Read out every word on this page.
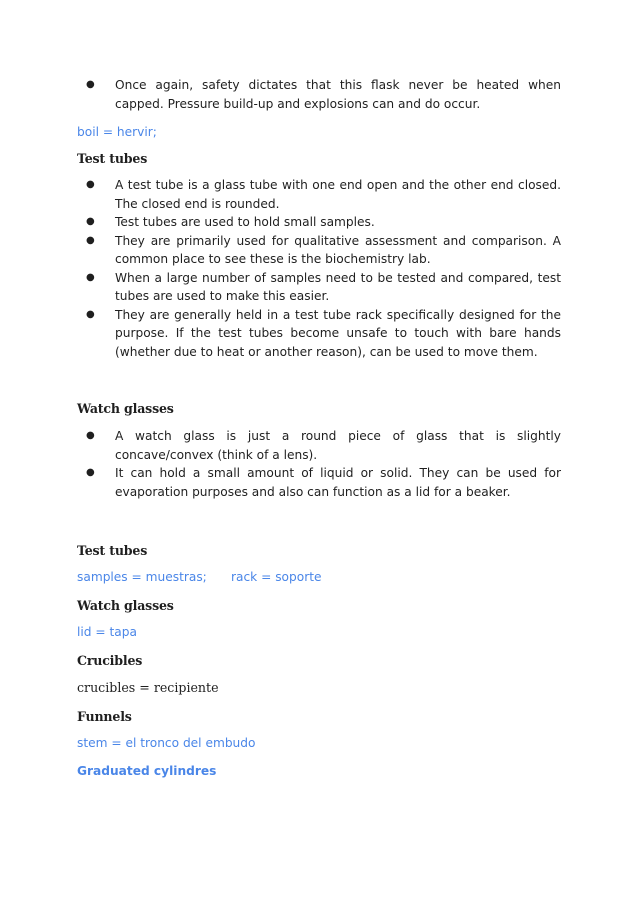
● Once again, safety dictates that this flask never be heated when capped. Pressure build-up and explosions can and do occur.
boil = hervir;
Test tubes
● A test tube is a glass tube with one end open and the other end closed. The closed end is rounded.
● Test tubes are used to hold small samples.
● They are primarily used for qualitative assessment and comparison. A common place to see these is the biochemistry lab.
● When a large number of samples need to be tested and compared, test tubes are used to make this easier.
● They are generally held in a test tube rack specifically designed for the purpose. If the test tubes become unsafe to touch with bare hands (whether due to heat or another reason), can be used to move them.
Watch glasses
● A watch glass is just a round piece of glass that is slightly concave/convex (think of a lens).
● It can hold a small amount of liquid or solid. They can be used for evaporation purposes and also can function as a lid for a beaker.
Test tubes
samples = muestras;	rack = soporte
Watch glasses
lid = tapa
Crucibles
crucibles = recipiente
Funnels
stem = el tronco del embudo
Graduated cylindres
